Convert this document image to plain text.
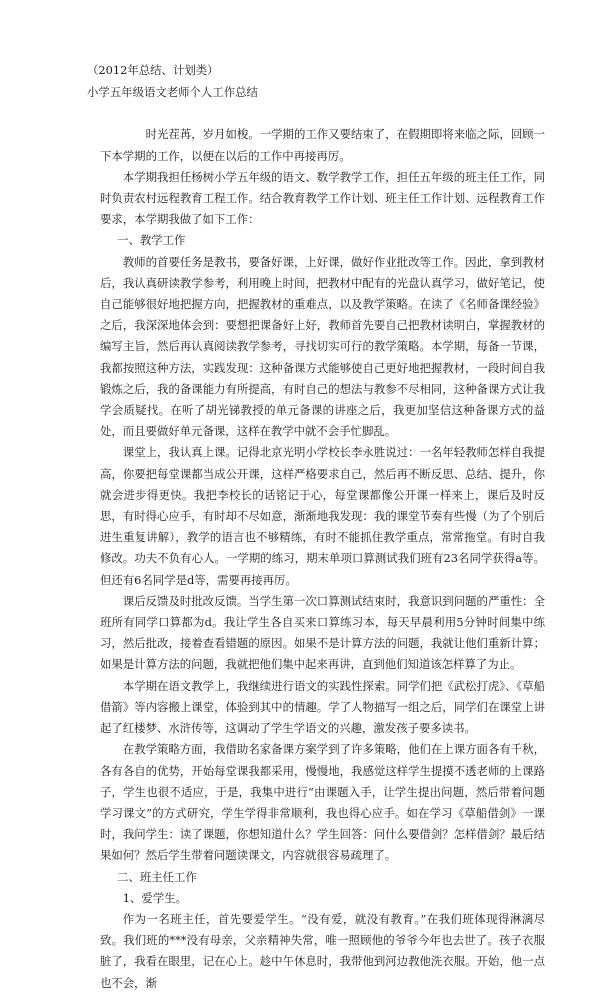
（2012年总结、计划类）

小学五年级语文老师个人工作总结

时光茬苒，岁月如梭。一学期的工作又要结束了，在假期即将来临之际，回顾一下本学期的工作，以便在以后的工作中再接再厉。

本学期我担任杨树小学五年级的语文、数学教学工作，担任五年级的班主任工作，同时负责农村远程教育工程工作。结合教育教学工作计划、班主任工作计划、远程教育工作要求，本学期我做了如下工作：

一、教学工作

教师的首要任务是教书，要备好课，上好课，做好作业批改等工作。因此，拿到教材后，我认真研读教学参考，利用晚上时间，把教材中配有的光盘认真学习，做好笔记，使自己能够很好地把握方向，把握教材的重难点，以及教学策略。在读了《名师备课经验》之后，我深深地体会到：要想把课备好上好，教师首先要自己把教材读明白，掌握教材的编写主旨，然后再认真阅读教学参考，寻找切实可行的教学策略。本学期，每备一节课，我都按照这种方法，实践发现：这种备课方式能够使自己更好地把握教材，一段时间自我锻炼之后，我的备课能力有所提高，有时自己的想法与教参不尽相同，这种备课方式让我学会质疑找。在听了胡光锑教授的单元备课的讲座之后，我更加坚信这种备课方式的益处，而且要做好单元备课，这样在教学中就不会手忙脚乱。

课堂上，我认真上课。记得北京光明小学校长李永胜说过：一名年轻教师怎样自我提高，你要把每堂课都当成公开课，这样严格要求自己，然后再不断反思、总结、提升，你就会进步得更快。我把李校长的话铭记于心，每堂课都像公开课一样来上，课后及时反思，有时得心应手，有时却不尽如意，渐渐地我发现：我的课堂节奏有些慢（为了个别后进生重复讲解），教学的语言也不够精练，有时不能抓住教学重点，常常拖堂。有时自我修改。功夫不负有心人。一学期的练习，期末单项口算测试我们班有23名同学获得a等。但还有6名同学是d等，需要再接再厉。

课后反馈及时批改反馈。当学生第一次口算测试结束时，我意识到问题的严重性：全班所有同学口算都为d。我让学生各自买来口算练习本，每天早晨利用5分钟时间集中练习，然后批改，接着查看错题的原因。如果不是计算方法的问题，我就让他们重新计算；如果是计算方法的问题，我就把他们集中起来再讲，直到他们知道该怎样算了为止。

本学期在语文教学上，我继续进行语文的实践性探索。同学们把《武松打虎》、《草船借箭》等内容搬上课堂，体验到其中的情趣。学了人物描写一组之后，同学们在课堂上讲起了红楼梦、水浒传等，这调动了学生学语文的兴趣，激发孩子要多读书。

在教学策略方面，我借助名家备课方案学到了许多策略，他们在上课方面各有千秋，各有各自的优势，开始每堂课我都采用，慢慢地，我感觉这样学生提摸不透老师的上课路子，学生也很不适应，于是，我集中进行“由课题入手，让学生提出问题，然后带着问题学习课文”的方式研究，学生学得非常顺利，我也得心应手。如在学习《草船借剑》一课时，我问学生：读了课题，你想知道什么？学生回答：问什么要借剑？怎样借剑？最后结果如何？然后学生带着问题读课文，内容就很容易疏理了。

二、班主任工作

1、爱学生。

作为一名班主任，首先要爱学生。“没有爱，就没有教育。”在我们班体现得淋漓尽致。我们班的***没有母亲，父亲精神失常，唯一照顾他的爷爷今年也去世了。孩子衣服脏了，我看在眼里，记在心上。趁中午休息时，我带他到河边教他洗衣服。开始，他一点也不会，渐
